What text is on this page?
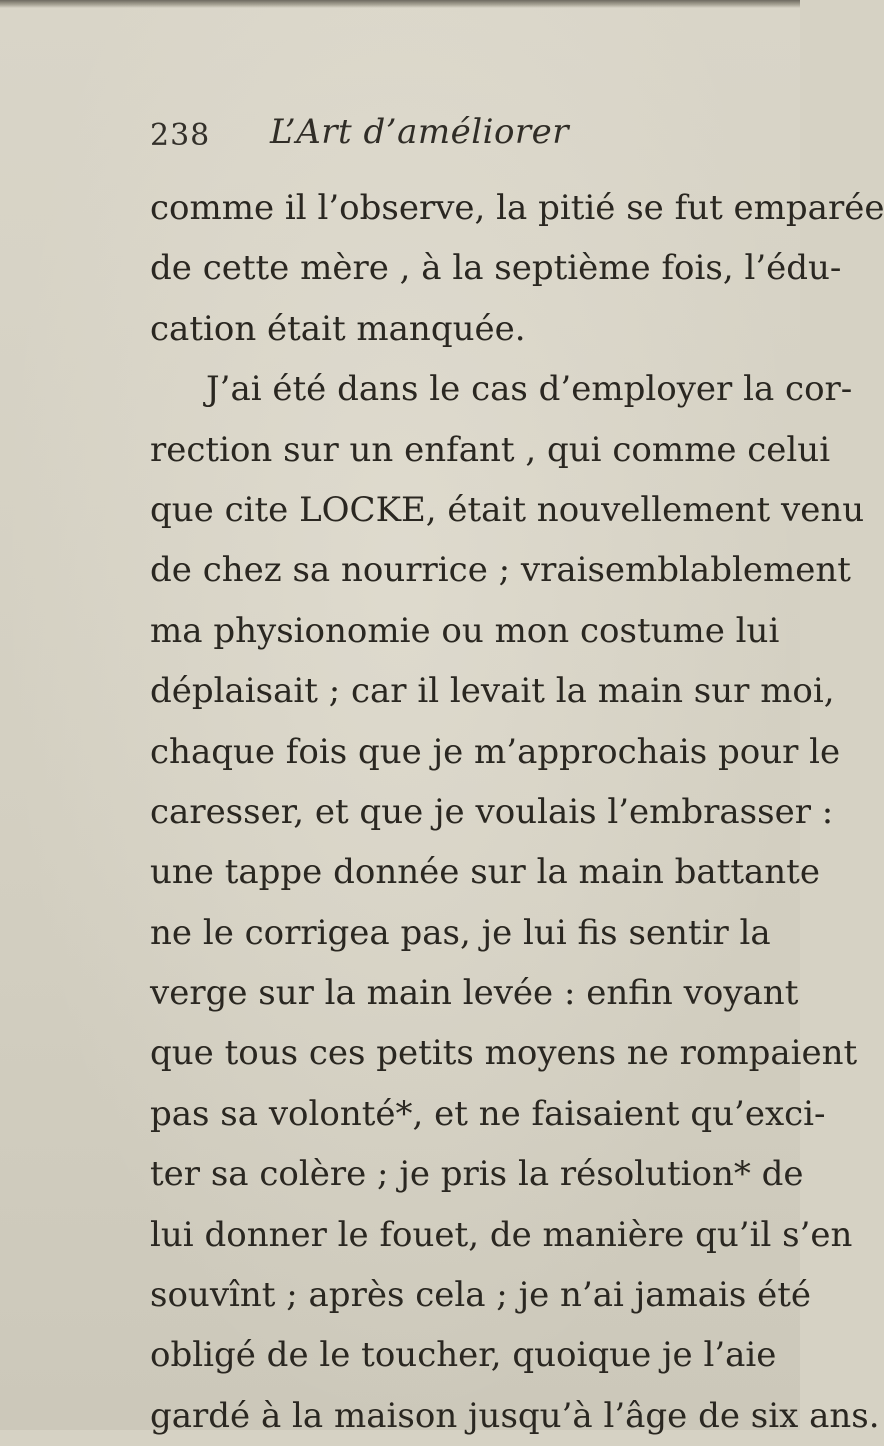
238 L’Art d’améliorer
comme il l’observe, la pitié se fut emparée
de cette mère , à la septième fois, l’édu-
cation était manquée.
J’ai été dans le cas d’employer la cor-
rection sur un enfant , qui comme celui
que cite LOCKE, était nouvellement venu
de chez sa nourrice ; vraisemblablement
ma physionomie ou mon costume lui
déplaisait ; car il levait la main sur moi,
chaque fois que je m’approchais pour le
caresser, et que je voulais l’embrasser :
une tappe donnée sur la main battante
ne le corrigea pas, je lui fis sentir la
verge sur la main levée : enfin voyant
que tous ces petits moyens ne rompaient
pas sa volonté*, et ne faisaient qu’exci-
ter sa colère ; je pris la résolution* de
lui donner le fouet, de manière qu’il s’en
souvînt ; après cela ; je n’ai jamais été
obligé de le toucher, quoique je l’aie
gardé à la maison jusqu’à l’âge de six ans.
